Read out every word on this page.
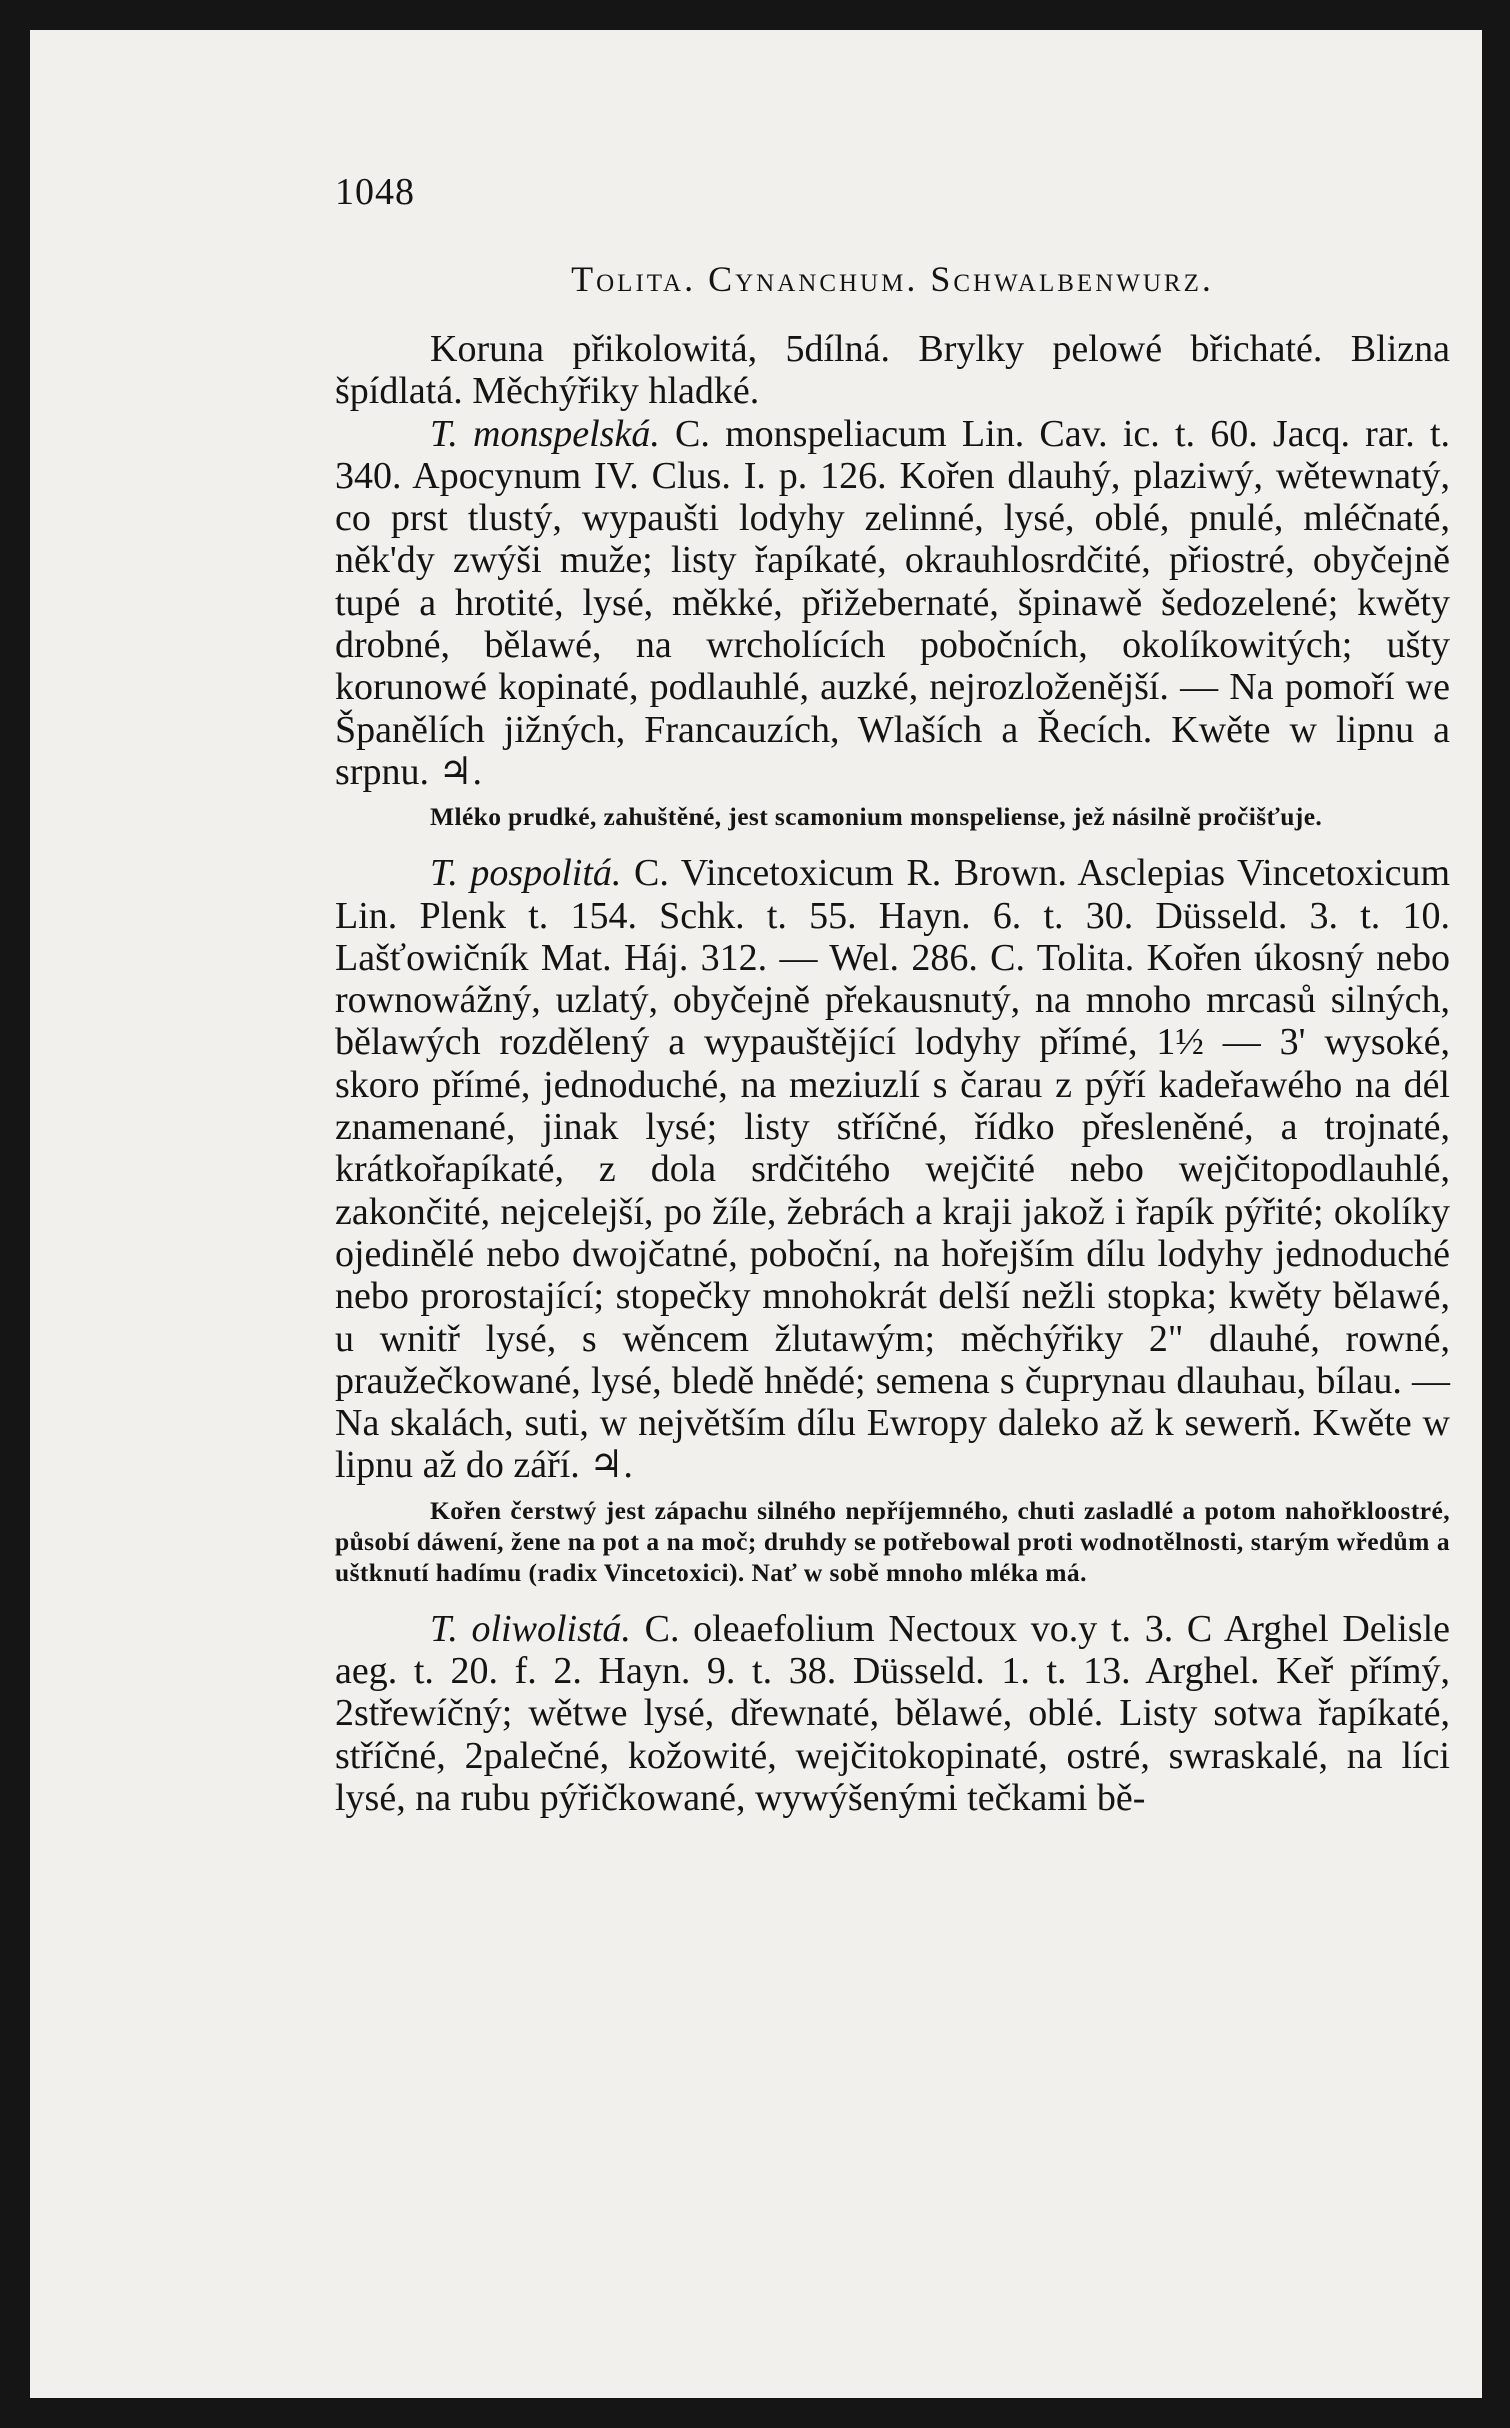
1048
Tolita. Cynanchum. Schwalbenwurz.

Koruna přikolowitá, 5dílná. Brylky pelowé břichaté. Blizna špídlatá. Měchýřiky hladké.

T. monspelská. C. monspeliacum Lin. Cav. ic. t. 60. Jacq. rar. t. 340. Apocynum IV. Clus. I. p. 126. Kořen dlauhý, plaziwý, wětewnatý, co prst tlustý, wypaušti lodyhy zelinné, lysé, oblé, pnulé, mléčnaté, něk'dy zwýši muže; listy řapíkaté, okrauhlosrdčité, přiostré, obyčejně tupé a hrotité, lysé, měkké, přižebernaté, špinawě šedozelené; kwěty drobné, bělawé, na wrcholících pobočních, okolíkowitých; ušty korunowé kopinaté, podlauhlé, auzké, nejrozloženější. — Na pomoří we Španělích jižných, Francauzích, Wlaších a Řecích. Kwěte w lipnu a srpnu. ♃.

Mléko prudké, zahuštěné, jest scamonium monspeliense, jež násilně pročišťuje.

T. pospolitá. C. Vincetoxicum R. Brown. Asclepias Vincetoxicum Lin. Plenk t. 154. Schk. t. 55. Hayn. 6. t. 30. Düsseld. 3. t. 10. Lašťowičník Mat. Háj. 312. — Wel. 286. C. Tolita. Kořen úkosný nebo rownowážný, uzlatý, obyčejně překausnutý, na mnoho mrcasů silných, bělawých rozdělený a wypauštějící lodyhy přímé, 1½ — 3' wysoké, skoro přímé, jednoduché, na meziuzlí s čarau z pýří kadeřawého na dél znamenané, jinak lysé; listy stříčné, řídko přesleněné, a trojnaté, krátkořapíkaté, z dola srdčitého wejčité nebo wejčitopodlauhlé, zakončité, nejcelejší, po žíle, žebrách a kraji jakož i řapík pýřité; okolíky ojedinělé nebo dwojčatné, poboční, na hořejším dílu lodyhy jednoduché nebo prorostající; stopečky mnohokrát delší nežli stopka; kwěty bělawé, u wnitř lysé, s wěncem žlutawým; měchýřiky 2" dlauhé, rowné, praužečkowané, lysé, bledě hnědé; semena s čuprynau dlauhau, bílau. — Na skalách, suti, w největším dílu Ewropy daleko až k sewerň. Kwěte w lipnu až do září. ♃.

Kořen čerstwý jest zápachu silného nepříjemného, chuti zasladlé a potom nahořkloostré, působí dáwení, žene na pot a na moč; druhdy se potřebowal proti wodnotělnosti, starým wředům a uštknutí hadímu (radix Vincetoxici). Nať w sobě mnoho mléka má.

T. oliwolistá. C. oleaefolium Nectoux vo.y t. 3. C Arghel Delisle aeg. t. 20. f. 2. Hayn. 9. t. 38. Düsseld. 1. t. 13. Arghel. Keř přímý, 2střewíčný; wětwe lysé, dřewnaté, bělawé, oblé. Listy sotwa řapíkaté, stříčné, 2palečné, kožowité, wejčitokopinaté, ostré, swraskalé, na líci lysé, na rubu pýřičkowané, wywýšenými tečkami bě-
